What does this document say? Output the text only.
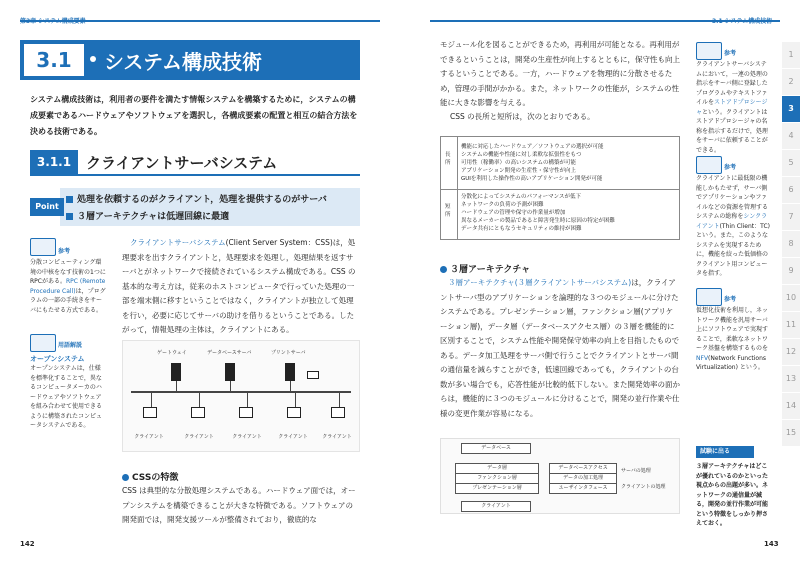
3.1	システム構成技術
システム構成技術は，利用者の要件を満たす情報システムを構築するために，システムの構成要素であるハードウェアやソフトウェアを選択し，各構成要素の配置と相互の結合方法を決める技術である。
3.1.1 クライアントサーバシステム
Point
処理を依頼するのがクライアント，処理を提供するのがサーバ
３層アーキテクチャは低遅回線に最適
クライアントサーバシステム(Client Server System：CSS)は，処理要求を出すクライアントと，処理要求を処理し，処理結果を返すサーバとがネットワークで接続されているシステム構成である。CSS の基本的な考え方は，従来のホストコンピュータで行っていた処理の一部を端末側に移すということではなく，クライアントが独立して処理を行い，必要に応じてサーバの助けを借りるということである。したがって，情報処理の主体は，クライアントにある。
ゲートウェイ	データベースサーバ	プリントサーバ
クライアント	クライアント	クライアント	クライアント	クライアント
CSSの特徴
CSS は典型的な分散処理システムである。ハードウェア面では，オープンシステムを構築できることが大きな特徴である。ソフトウェアの開発面では，開発支援ツールが整備されており，徹底的な
参考
分散コンピューティング環境の中核をなす技術の1つにRPCがある。RPC (Remote Procedure Call)は，プログラムの一部の手続きをサーバにもたせる方式である。
用語解説
オープンシステム
オープンシステムは，仕様を標準化することで，異なるコンピュータメーカのハードウェアやソフトウェアを組み合わせて使用できるように構築されたコンピュータシステムである。
142
モジュール化を図ることができるため，再利用が可能となる。再利用ができるということは，開発の生産性が向上するとともに，保守性も向上するということである。一方，ハードウェアを物理的に分散させるため，管理の手間がかかる。また，ネットワークの性能が，システムの性能に大きな影響を与える。
CSS の長所と短所は，次のとおりである。
長所
機能に対応したハードウェア／ソフトウェアの選択が可能
システムの機能や性能に対し柔軟な拡張性をもつ
可用性（稼働率）の高いシステムの構築が可能
アプリケーション開発の生産性・保守性が向上
GUIを利用した操作性の高いアプリケーション開発が可能
短所
分散化によってシステムのパフォーマンスが低下
ネットワークの負荷の予測が困難
ハードウェアの管理や保守の作業量が増加
異なるメーカーの製品であると障害発生時に原因の特定が困難
データ共有にともなうセキュリティの維持が困難
３層アーキテクチャ
３層アーキテクチャ(３層クライアントサーバシステム)は，クライアントサーバ型のアプリケーションを論理的な３つのモジュールに分けたシステムである。プレゼンテーション層，ファンクション層(アプリケーション層)，データ層（データベースアクセス層）の３層を機能的に区別することで，システム性能や開発保守効率の向上を目指したものである。データ加工処理をサーバ側で行うことでクライアントとサーバ間の通信量を減らすことができ，低速回線であっても，クライアントの台数が多い場合でも，応答性能が比較的低下しない。また開発効率の面からは，機能的に３つのモジュールに分けることで，開発の並行作業や仕様の変更作業が容易になる。
データベース
データ層
ファンクション層
プレゼンテーション層
データベースアクセス
データの加工処理
ユーザインタフェース
サーバの処理
クライアントの処理
クライアント
参考
クライアントサーバシステムにおいて，一連の処理の指示をサーバ側に登録したプログラムやテキストファイルをストアドプロシージャという。クライアントはストアドプロシージャの名称を指示するだけで，処理をサーバに依頼することができる。
参考
クライアントに最低限の機能しかもたせず，サーバ側でアプリケーションやファイルなどの資源を管理するシステムの総称をシンクライアント(Thin Client：TC)という。また，このようなシステムを実現するために，機能を絞った低価格のクライアント用コンピュータを指す。
参考
仮想化技術を利用し，ネットワーク機能を汎用サーバ上にソフトウェアで実現することで，柔軟なネットワーク基盤を構築するものをNFV(Network Functions Virtualization) という。
試験に出る
３層アーキテクチャはどこが優れているのかといった視点からの出題が多い。ネットワークの通信量が減る，開発の並行作業が可能という特徴をしっかり押さえておく。
143
1
2
3
4
5
6
7
8
9
10
11
12
13
14
15
